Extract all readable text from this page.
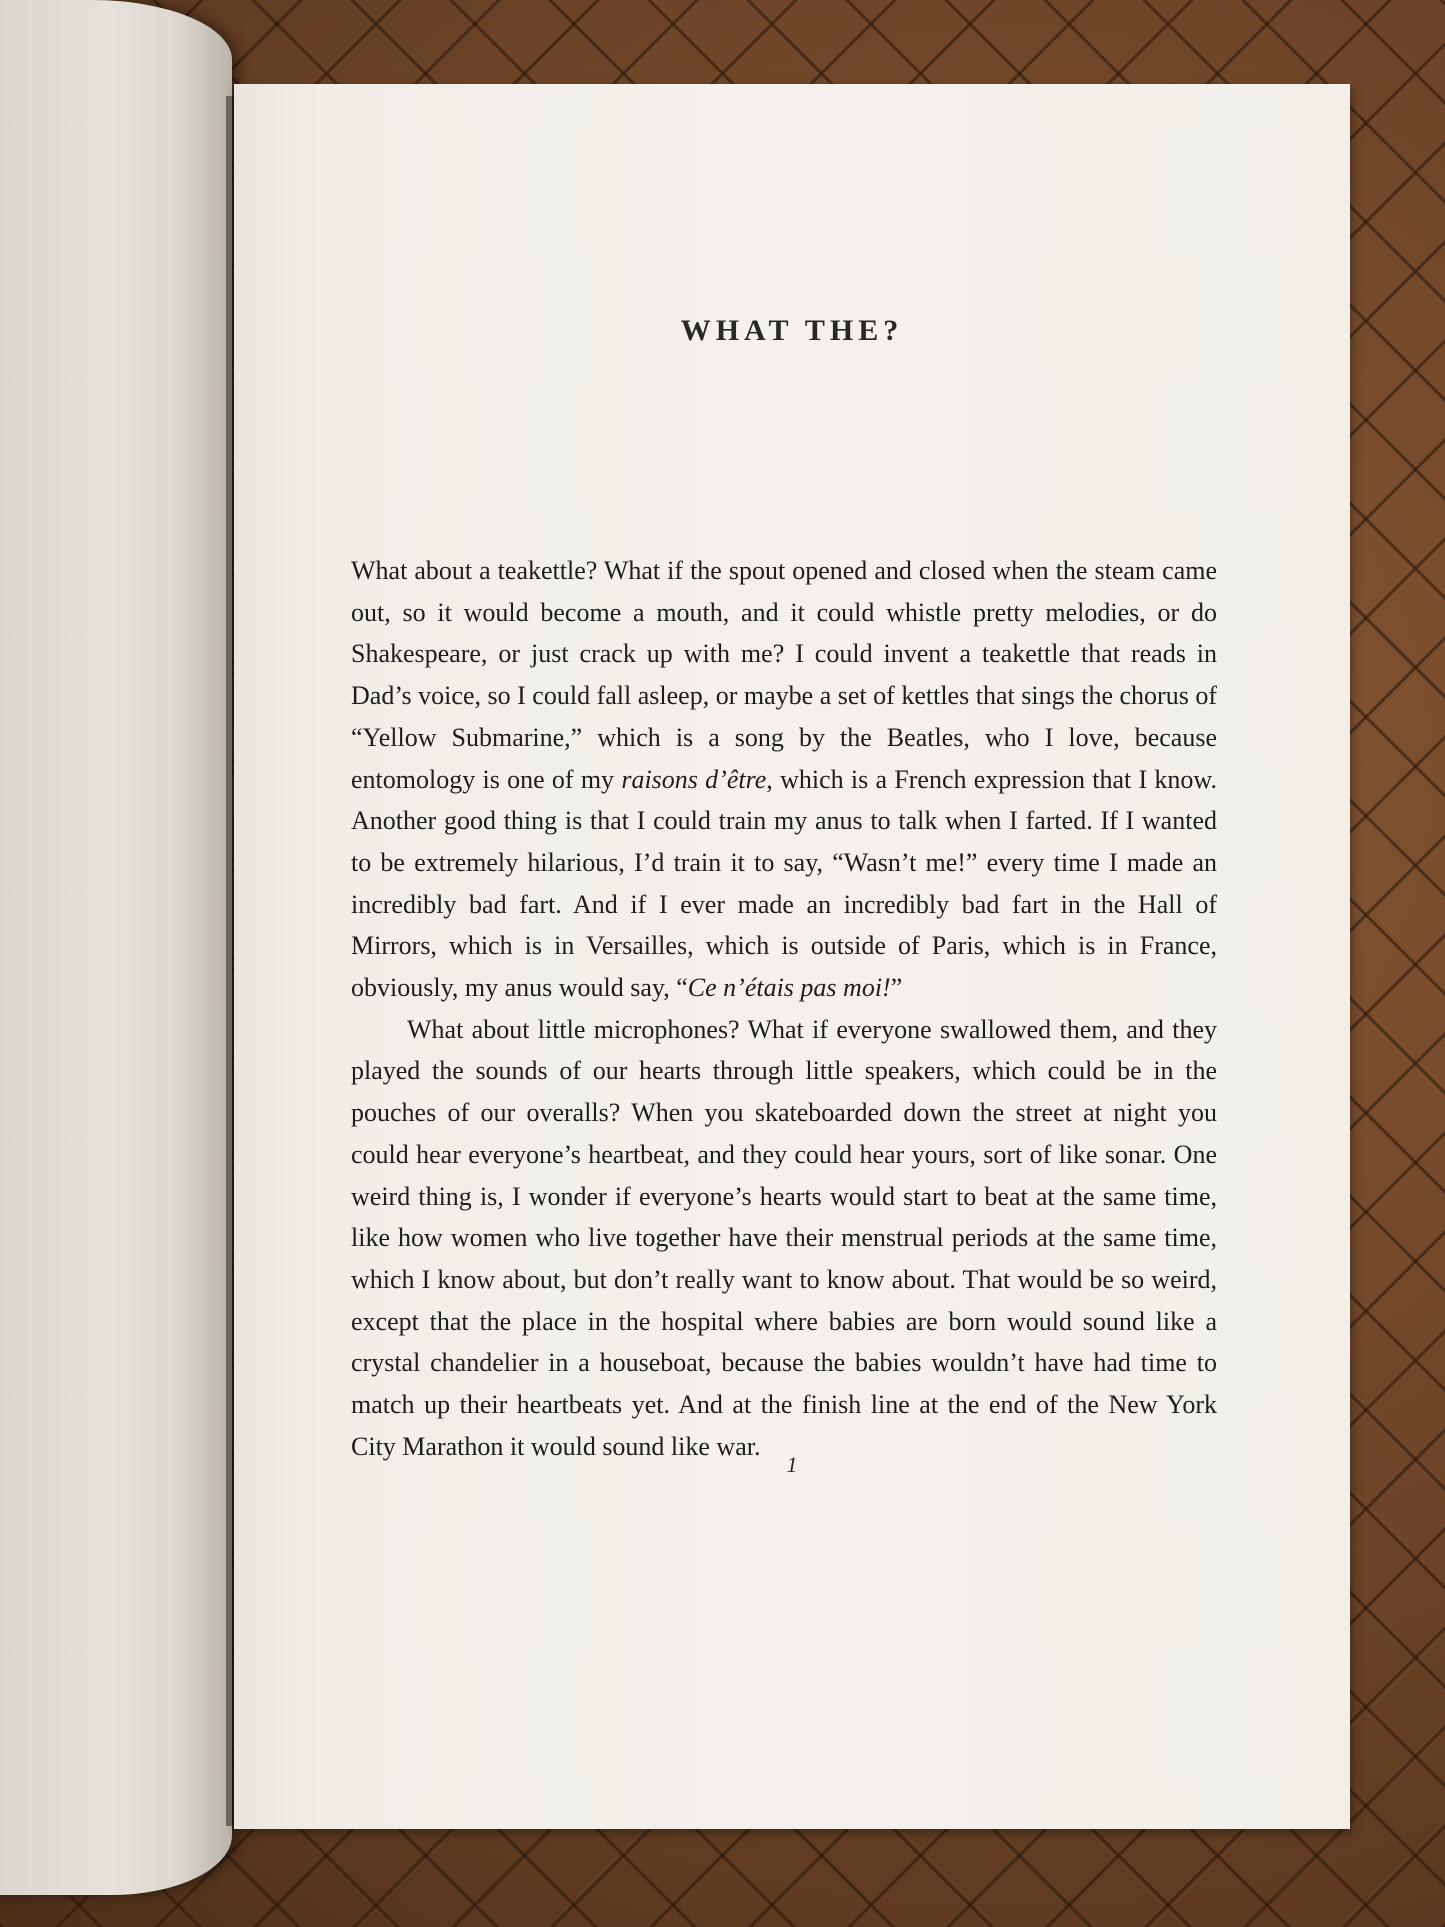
WHAT THE?

What about a teakettle? What if the spout opened and closed when the steam came out, so it would become a mouth, and it could whistle pretty melodies, or do Shakespeare, or just crack up with me? I could invent a teakettle that reads in Dad’s voice, so I could fall asleep, or maybe a set of kettles that sings the chorus of “Yellow Submarine,” which is a song by the Beatles, who I love, because entomology is one of my raisons d’être, which is a French expression that I know. Another good thing is that I could train my anus to talk when I farted. If I wanted to be extremely hilarious, I’d train it to say, “Wasn’t me!” every time I made an incredibly bad fart. And if I ever made an incredibly bad fart in the Hall of Mirrors, which is in Versailles, which is outside of Paris, which is in France, obviously, my anus would say, “Ce n’étais pas moi!”

What about little microphones? What if everyone swallowed them, and they played the sounds of our hearts through little speakers, which could be in the pouches of our overalls? When you skateboarded down the street at night you could hear everyone’s heartbeat, and they could hear yours, sort of like sonar. One weird thing is, I wonder if everyone’s hearts would start to beat at the same time, like how women who live together have their menstrual periods at the same time, which I know about, but don’t really want to know about. That would be so weird, except that the place in the hospital where babies are born would sound like a crystal chandelier in a houseboat, because the babies wouldn’t have had time to match up their heartbeats yet. And at the finish line at the end of the New York City Marathon it would sound like war.

1
